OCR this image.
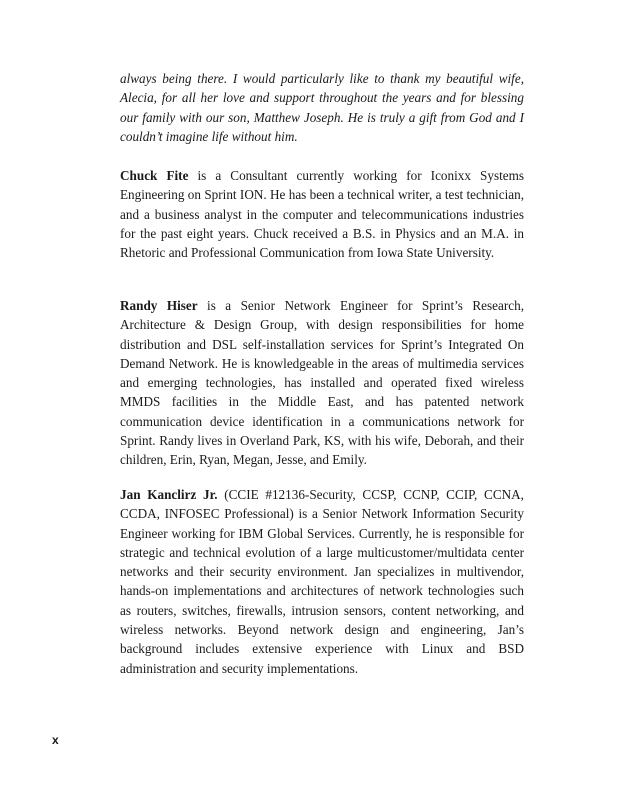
always being there. I would particularly like to thank my beautiful wife, Alecia, for all her love and support throughout the years and for blessing our family with our son, Matthew Joseph. He is truly a gift from God and I couldn’t imagine life without him.

Chuck Fite is a Consultant currently working for Iconixx Systems Engineering on Sprint ION. He has been a technical writer, a test technician, and a business analyst in the computer and telecommunications industries for the past eight years. Chuck received a B.S. in Physics and an M.A. in Rhetoric and Professional Communication from Iowa State University.

Randy Hiser is a Senior Network Engineer for Sprint’s Research, Architecture & Design Group, with design responsibilities for home distribution and DSL self-installation services for Sprint’s Integrated On Demand Network. He is knowledgeable in the areas of multimedia services and emerging technologies, has installed and operated fixed wireless MMDS facilities in the Middle East, and has patented network communication device identification in a communications network for Sprint. Randy lives in Overland Park, KS, with his wife, Deborah, and their children, Erin, Ryan, Megan, Jesse, and Emily.

Jan Kanclirz Jr. (CCIE #12136-Security, CCSP, CCNP, CCIP, CCNA, CCDA, INFOSEC Professional) is a Senior Network Information Security Engineer working for IBM Global Services. Currently, he is responsible for strategic and technical evolution of a large multicustomer/multidata center networks and their security environment. Jan specializes in multivendor, hands-on implementations and architectures of network technologies such as routers, switches, firewalls, intrusion sensors, content networking, and wireless networks. Beyond network design and engineering, Jan’s background includes extensive experience with Linux and BSD administration and security implementations.

x
